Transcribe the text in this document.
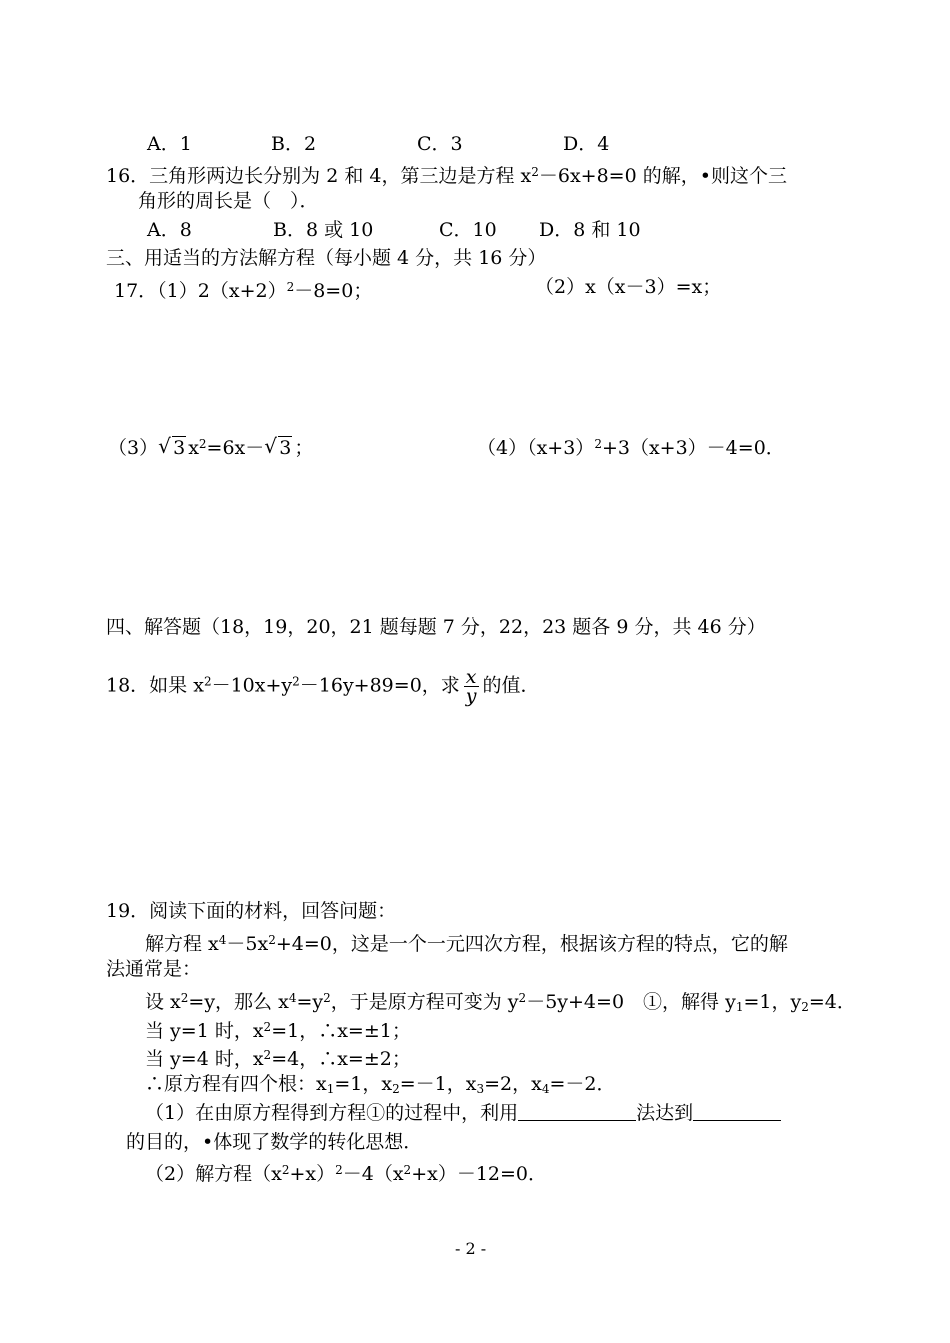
A．1	B．2	C．3	D．4
16．三角形两边长分别为 2 和 4，第三边是方程 $x^2-6x+8=0$ 的解，•则这个三
角形的周长是（　）．
A．8	B．8 或 10	C．10 D．8 和 10
三、用适当的方法解方程（每小题 4 分，共 16 分）
17．$(1)2(x+2)^2-8=0$；	（2）x（x－3）=x；
（3） √ 3 $x^2=6x-$ √ 3 ；	$(4)(x+3)^2+3(x+3)-4=0$．
四、解答题（18，19，20，21 题每题 7 分，22，23 题各 9 分，共 46 分）
18．如果 $x^2-10x+y^2-16y+89=0$，求 $\frac{x}{y}$ 的值．
19．阅读下面的材料，回答问题：
解方程 $x^4-5x^2+4=0$，这是一个一元四次方程，根据该方程的特点，它的解
法通常是：
设 $x^2=y$，那么 $x^4=y^2$，于是原方程可变为 $y^2-5y+4=0$　①，解得 $y_1=1$，$y_2=4$．
当 y=1 时，$x^2=1$，∴x=±1；
当 y=4 时，$x^2=4$，∴x=±2；
∴原方程有四个根：$x_1=1$，$x_2=-1$，$x_3=2$，$x_4=-2$．
（1）在由原方程得到方程①的过程中，利用	法达到
的目的，•体现了数学的转化思想．
（2）解方程$(x^2+x)^2-4(x^2+x)-12=0$．
- 2 -
